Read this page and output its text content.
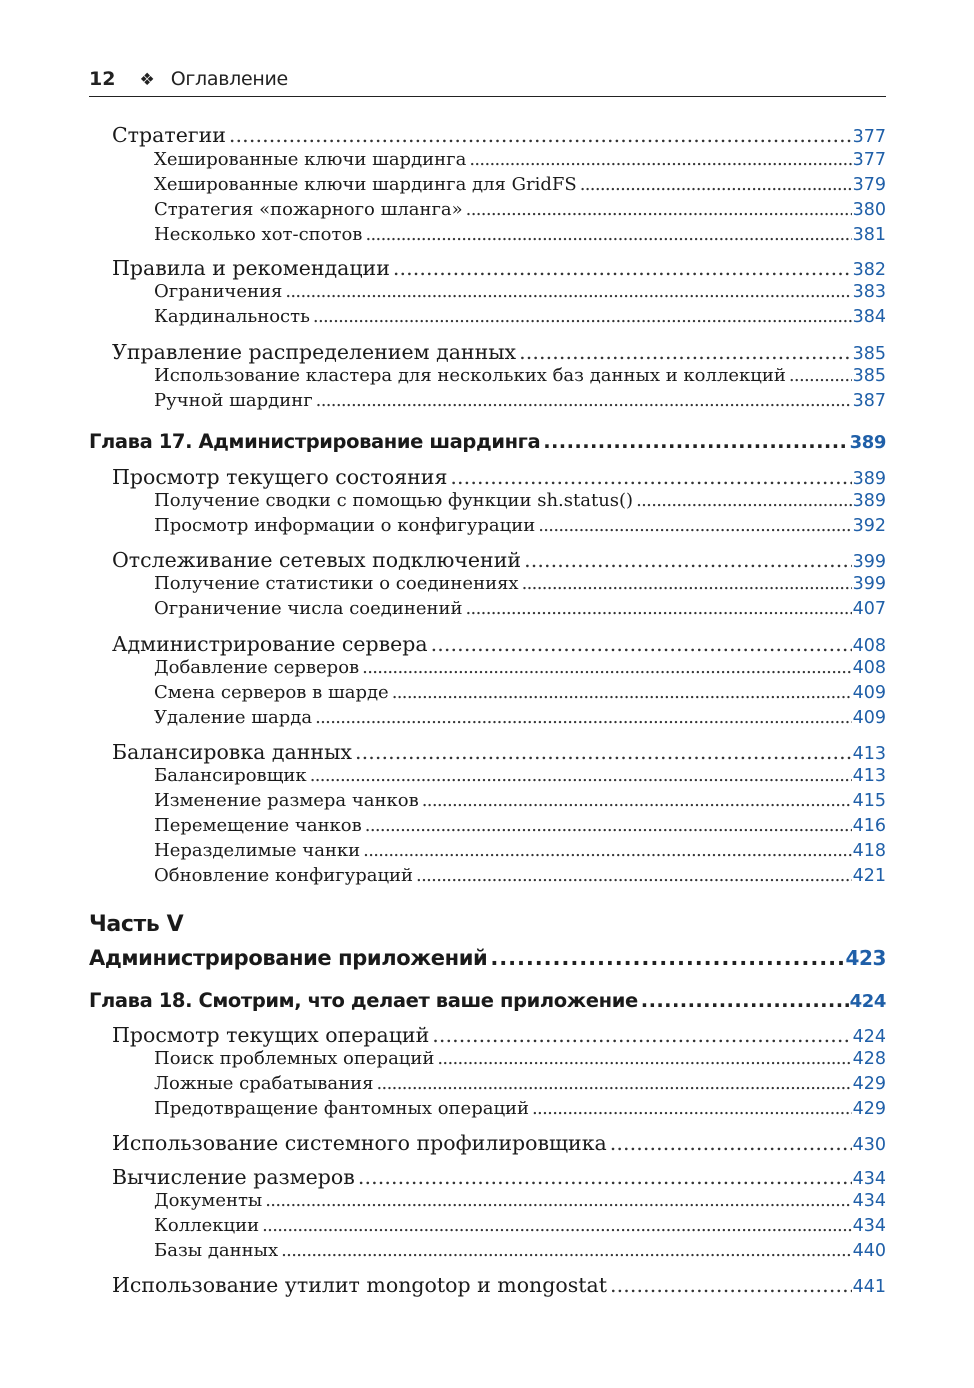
12 ❖ Оглавление
Стратегии . . .	377
Хешированные ключи шардинга . . .	377
Хешированные ключи шардинга для GridFS . . .	379
Стратегия «пожарного шланга» . . .	380
Несколько хот-спотов . . .	381
Правила и рекомендации . . .	382
Ограничения . . .	383
Кардинальность . . .	384
Управление распределением данных . . .	385
Использование кластера для нескольких баз данных и коллекций . . .	385
Ручной шардинг . . .	387
Глава 17. Администрирование шардинга . . .	389
Просмотр текущего состояния . . .	389
Получение сводки с помощью функции sh.status() . . .	389
Просмотр информации о конфигурации . . .	392
Отслеживание сетевых подключений . . .	399
Получение статистики о соединениях . . .	399
Ограничение числа соединений . . .	407
Администрирование сервера . . .	408
Добавление серверов . . .	408
Смена серверов в шарде . . .	409
Удаление шарда . . .	409
Балансировка данных . . .	413
Балансировщик . . .	413
Изменение размера чанков . . .	415
Перемещение чанков . . .	416
Неразделимые чанки . . .	418
Обновление конфигураций . . .	421
Часть V
Администрирование приложений . . .	423
Глава 18. Смотрим, что делает ваше приложение . . .	424
Просмотр текущих операций . . .	424
Поиск проблемных операций . . .	428
Ложные срабатывания . . .	429
Предотвращение фантомных операций . . .	429
Использование системного профилировщика . . .	430
Вычисление размеров . . .	434
Документы . . .	434
Коллекции . . .	434
Базы данных . . .	440
Использование утилит mongotop и mongostat . . .	441
